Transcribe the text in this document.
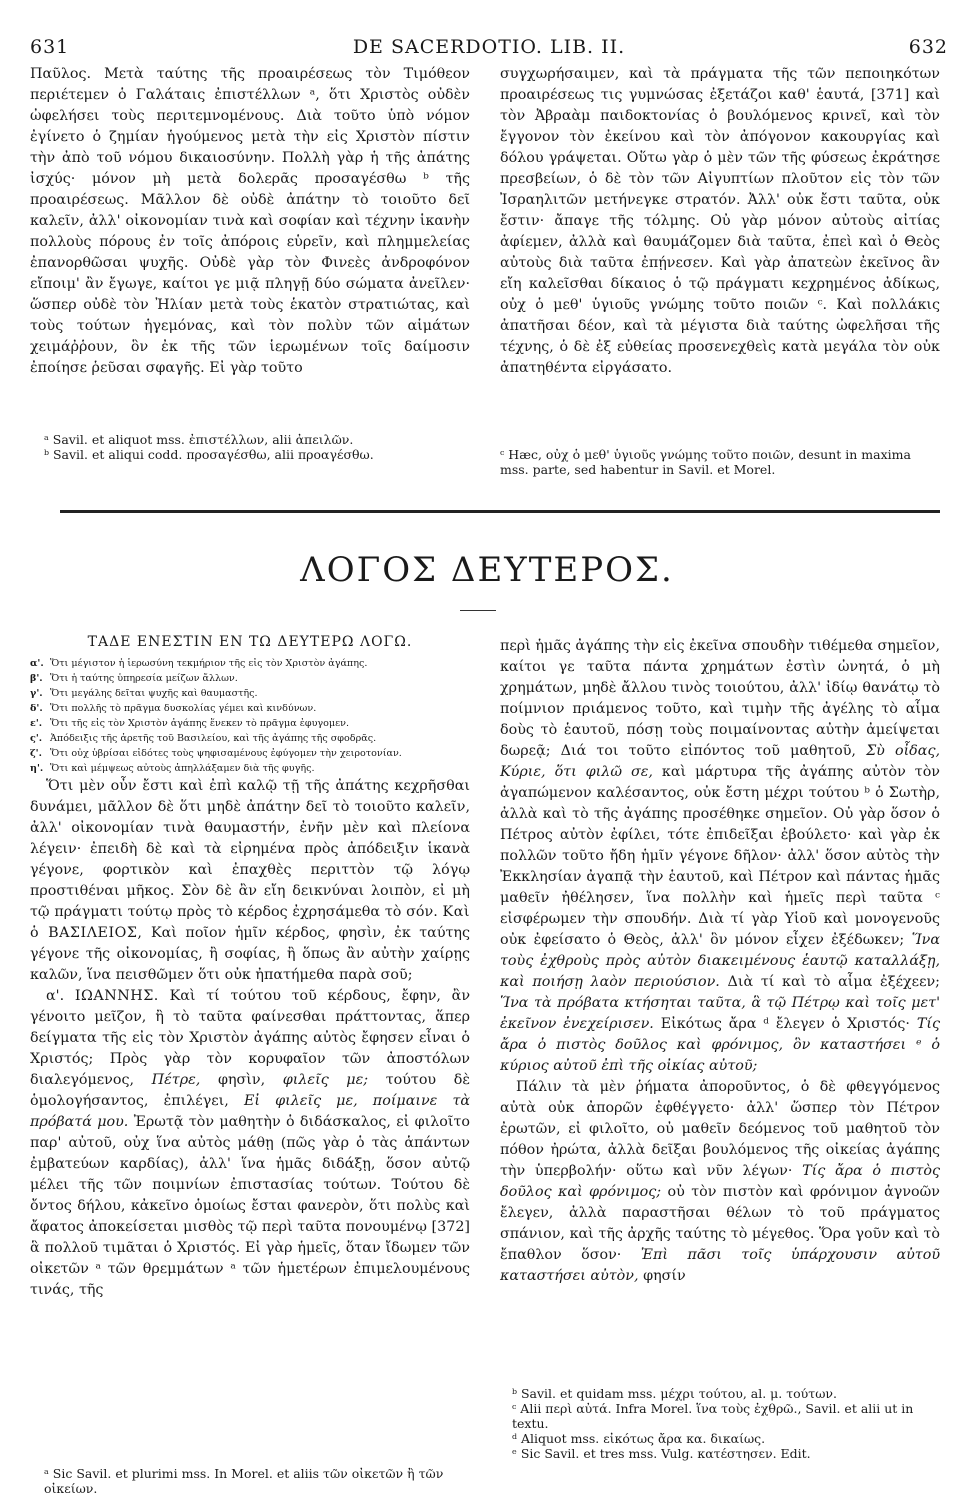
631	DE SACERDOTIO. LIB. II.	632

Παῦλος. Μετὰ ταύτης τῆς προαιρέσεως τὸν Τιμόθεον περιέτεμεν ὁ Γαλάταις ἐπιστέλλων ᵃ, ὅτι Χριστὸς οὐδὲν ὠφελήσει τοὺς περιτεμνομένους. Διὰ τοῦτο ὑπὸ νόμον ἐγίνετο ὁ ζημίαν ἡγούμενος μετὰ τὴν εἰς Χριστὸν πίστιν τὴν ἀπὸ τοῦ νόμου δικαιοσύνην. Πολλὴ γὰρ ἡ τῆς ἀπάτης ἰσχύς· μόνον μὴ μετὰ δολερᾶς προσαγέσθω ᵇ τῆς προαιρέσεως. Μᾶλλον δὲ οὐδὲ ἀπάτην τὸ τοιοῦτο δεῖ καλεῖν, ἀλλ' οἰκονομίαν τινὰ καὶ σοφίαν καὶ τέχνην ἱκανὴν πολλοὺς πόρους ἐν τοῖς ἀπόροις εὑρεῖν, καὶ πλημμελείας ἐπανορθῶσαι ψυχῆς. Οὐδὲ γὰρ τὸν Φινεὲς ἀνδροφόνον εἴποιμ' ἂν ἔγωγε, καίτοι γε μιᾷ πληγῇ δύο σώματα ἀνεῖλεν· ὥσπερ οὐδὲ τὸν Ἠλίαν μετὰ τοὺς ἑκατὸν στρατιώτας, καὶ τοὺς τούτων ἡγεμόνας, καὶ τὸν πολὺν τῶν αἱμάτων χειμάῤῥουν, ὃν ἐκ τῆς τῶν ἱερωμένων τοῖς δαίμοσιν ἐποίησε ῥεῦσαι σφαγῆς. Εἰ γὰρ τοῦτο

συγχωρήσαιμεν, καὶ τὰ πράγματα τῆς τῶν πεποιηκότων προαιρέσεως τις γυμνώσας ἐξετάζοι καθ' ἑαυτά, [371] καὶ τὸν Ἀβραὰμ παιδοκτονίας ὁ βουλόμενος κρινεῖ, καὶ τὸν ἔγγονον τὸν ἐκείνου καὶ τὸν ἀπόγονον κακουργίας καὶ δόλου γράψεται. Οὕτω γὰρ ὁ μὲν τῶν τῆς φύσεως ἐκράτησε πρεσβείων, ὁ δὲ τὸν τῶν Αἰγυπτίων πλοῦτον εἰς τὸν τῶν Ἰσραηλιτῶν μετήνεγκε στρατόν. Ἀλλ' οὐκ ἔστι ταῦτα, οὐκ ἔστιν· ἄπαγε τῆς τόλμης. Οὐ γὰρ μόνον αὐτοὺς αἰτίας ἀφίεμεν, ἀλλὰ καὶ θαυμάζομεν διὰ ταῦτα, ἐπεὶ καὶ ὁ Θεὸς αὐτοὺς διὰ ταῦτα ἐπῄνεσεν. Καὶ γὰρ ἀπατεὼν ἐκεῖνος ἂν εἴη καλεῖσθαι δίκαιος ὁ τῷ πράγματι κεχρημένος ἀδίκως, οὐχ ὁ μεθ' ὑγιοῦς γνώμης τοῦτο ποιῶν ᶜ. Καὶ πολλάκις ἀπατῆσαι δέον, καὶ τὰ μέγιστα διὰ ταύτης ὠφελῆσαι τῆς τέχνης, ὁ δὲ ἐξ εὐθείας προσενεχθεὶς κατὰ μεγάλα τὸν οὐκ ἀπατηθέντα εἰργάσατο.

ᵃ Savil. et aliquot mss. ἐπιστέλλων, alii ἀπειλῶν.

ᵇ Savil. et aliqui codd. προσαγέσθω, alii προαγέσθω.	ᶜ Hæc, οὐχ ὁ μεθ' ὑγιοῦς γνώμης τοῦτο ποιῶν, desunt in maxima mss. parte, sed habentur in Savil. et Morel.

ΛΟΓΟΣ ΔΕΥΤΕΡΟΣ.
ΤΑΔΕ ΕΝΕΣΤΙΝ ΕΝ ΤΩ ΔΕΥΤΕΡΩ ΛΟΓΩ.

α'. Ὅτι μέγιστον ἡ ἱερωσύνη τεκμήριον τῆς εἰς τὸν Χριστὸν ἀγάπης.

β'. Ὅτι ἡ ταύτης ὑπηρεσία μείζων ἄλλων.

γ'. Ὅτι μεγάλης δεῖται ψυχῆς καὶ θαυμαστῆς.

δ'. Ὅτι πολλῆς τὸ πρᾶγμα δυσκολίας γέμει καὶ κινδύνων.

ε'. Ὅτι τῆς εἰς τὸν Χριστὸν ἀγάπης ἕνεκεν τὸ πρᾶγμα ἐφυγομεν.

ς'. Ἀπόδειξις τῆς ἀρετῆς τοῦ Βασιλείου, καὶ τῆς ἀγάπης τῆς σφοδρᾶς.

ζ'. Ὅτι οὐχ ὑβρίσαι εἰδότες τοὺς ψηφισαμένους ἐφύγομεν τὴν χειροτονίαν.

η'. Ὅτι καὶ μέμψεως αὐτοὺς ἀπηλλάξαμεν διὰ τῆς φυγῆς.

Ὅτι μὲν οὖν ἔστι καὶ ἐπὶ καλῷ τῇ τῆς ἀπάτης κεχρῆσθαι δυνάμει, μᾶλλον δὲ ὅτι μηδὲ ἀπάτην δεῖ τὸ τοιοῦτο καλεῖν, ἀλλ' οἰκονομίαν τινὰ θαυμαστήν, ἐνῆν μὲν καὶ πλείονα λέγειν· ἐπειδὴ δὲ καὶ τὰ εἰρημένα πρὸς ἀπόδειξιν ἱκανὰ γέγονε, φορτικὸν καὶ ἐπαχθὲς περιττὸν τῷ λόγῳ προστιθέναι μῆκος. Σὸν δὲ ἂν εἴη δεικνύναι λοιπὸν, εἰ μὴ τῷ πράγματι τούτῳ πρὸς τὸ κέρδος ἐχρησάμεθα τὸ σόν. Καὶ ὁ ΒΑΣΙΛΕΙΟΣ, Καὶ ποῖον ἡμῖν κέρδος, φησὶν, ἐκ ταύτης γέγονε τῆς οἰκονομίας, ἢ σοφίας, ἢ ὅπως ἂν αὐτὴν χαίρῃς καλῶν, ἵνα πεισθῶμεν ὅτι οὐκ ἠπατήμεθα παρὰ σοῦ;

α'. ΙΩΑΝΝΗΣ. Καὶ τί τούτου τοῦ κέρδους, ἔφην, ἂν γένοιτο μεῖζον, ἢ τὸ ταῦτα φαίνεσθαι πράττοντας, ἅπερ δείγματα τῆς εἰς τὸν Χριστὸν ἀγάπης αὐτὸς ἔφησεν εἶναι ὁ Χριστός; Πρὸς γὰρ τὸν κορυφαῖον τῶν ἀποστόλων διαλεγόμενος, Πέτρε, φησὶν, φιλεῖς με; τούτου δὲ ὁμολογήσαντος, ἐπιλέγει, Εἰ φιλεῖς με, ποίμαινε τὰ πρόβατά μου. Ἐρωτᾷ τὸν μαθητὴν ὁ διδάσκαλος, εἰ φιλοῖτο παρ' αὐτοῦ, οὐχ ἵνα αὐτὸς μάθῃ (πῶς γὰρ ὁ τὰς ἁπάντων ἐμβατεύων καρδίας), ἀλλ' ἵνα ἡμᾶς διδάξῃ, ὅσον αὐτῷ μέλει τῆς τῶν ποιμνίων ἐπιστασίας τούτων. Τούτου δὲ ὄντος δήλου, κἀκεῖνο ὁμοίως ἔσται φανερὸν, ὅτι πολὺς καὶ ἄφατος ἀποκείσεται μισθὸς τῷ περὶ ταῦτα πονουμένῳ [372] ἃ πολλοῦ τιμᾶται ὁ Χριστός. Εἰ γὰρ ἡμεῖς, ὅταν ἴδωμεν τῶν οἰκετῶν ᵃ τῶν θρεμμάτων ᵃ τῶν ἡμετέρων ἐπιμελουμένους τινάς, τῆς

περὶ ἡμᾶς ἀγάπης τὴν εἰς ἐκεῖνα σπουδὴν τιθέμεθα σημεῖον, καίτοι γε ταῦτα πάντα χρημάτων ἐστὶν ὠνητά, ὁ μὴ χρημάτων, μηδὲ ἄλλου τινὸς τοιούτου, ἀλλ' ἰδίῳ θανάτῳ τὸ ποίμνιον πριάμενος τοῦτο, καὶ τιμὴν τῆς ἀγέλης τὸ αἷμα δοὺς τὸ ἑαυτοῦ, πόσῃ τοὺς ποιμαίνοντας αὐτὴν ἀμείψεται δωρεᾷ; Διά τοι τοῦτο εἰπόντος τοῦ μαθητοῦ, Σὺ οἶδας, Κύριε, ὅτι φιλῶ σε, καὶ μάρτυρα τῆς ἀγάπης αὐτὸν τὸν ἀγαπώμενον καλέσαντος, οὐκ ἔστη μέχρι τούτου ᵇ ὁ Σωτὴρ, ἀλλὰ καὶ τὸ τῆς ἀγάπης προσέθηκε σημεῖον. Οὐ γὰρ ὅσον ὁ Πέτρος αὐτὸν ἐφίλει, τότε ἐπιδεῖξαι ἐβούλετο· καὶ γὰρ ἐκ πολλῶν τοῦτο ἤδη ἡμῖν γέγονε δῆλον· ἀλλ' ὅσον αὐτὸς τὴν Ἐκκλησίαν ἀγαπᾷ τὴν ἑαυτοῦ, καὶ Πέτρον καὶ πάντας ἡμᾶς μαθεῖν ἠθέλησεν, ἵνα πολλὴν καὶ ἡμεῖς περὶ ταῦτα ᶜ εἰσφέρωμεν τὴν σπουδήν. Διὰ τί γὰρ Υἱοῦ καὶ μονογενοῦς οὐκ ἐφείσατο ὁ Θεὸς, ἀλλ' ὃν μόνον εἶχεν ἐξέδωκεν; Ἵνα τοὺς ἐχθροὺς πρὸς αὐτὸν διακειμένους ἑαυτῷ καταλλάξῃ, καὶ ποιήσῃ λαὸν περιούσιον. Διὰ τί καὶ τὸ αἷμα ἐξέχεεν; Ἵνα τὰ πρόβατα κτήσηται ταῦτα, ἃ τῷ Πέτρῳ καὶ τοῖς μετ' ἐκεῖνον ἐνεχείρισεν. Εἰκότως ἄρα ᵈ ἔλεγεν ὁ Χριστός· Τίς ἄρα ὁ πιστὸς δοῦλος καὶ φρόνιμος, ὃν καταστήσει ᵉ ὁ κύριος αὐτοῦ ἐπὶ τῆς οἰκίας αὐτοῦ;

Πάλιν τὰ μὲν ῥήματα ἀποροῦντος, ὁ δὲ φθεγγόμενος αὐτὰ οὐκ ἀπορῶν ἐφθέγγετο· ἀλλ' ὥσπερ τὸν Πέτρον ἐρωτῶν, εἰ φιλοῖτο, οὐ μαθεῖν δεόμενος τοῦ μαθητοῦ τὸν πόθον ἠρώτα, ἀλλὰ δεῖξαι βουλόμενος τῆς οἰκείας ἀγάπης τὴν ὑπερβολήν· οὕτω καὶ νῦν λέγων· Τίς ἄρα ὁ πιστὸς δοῦλος καὶ φρόνιμος; οὐ τὸν πιστὸν καὶ φρόνιμον ἀγνοῶν ἔλεγεν, ἀλλὰ παραστῆσαι θέλων τὸ τοῦ πράγματος σπάνιον, καὶ τῆς ἀρχῆς ταύτης τὸ μέγεθος. Ὅρα γοῦν καὶ τὸ ἔπαθλον ὅσον· Ἐπὶ πᾶσι τοῖς ὑπάρχουσιν αὐτοῦ καταστήσει αὐτὸν, φησίν

ᵃ Sic Savil. et plurimi mss. In Morel. et aliis τῶν οἰκετῶν ἢ τῶν οἰκείων.

ᵇ Savil. et quidam mss. μέχρι τούτου, al. μ. τούτων.

ᶜ Alii περὶ αὐτά. Infra Morel. ἵνα τοὺς ἐχθρῶ., Savil. et alii ut in textu.

ᵈ Aliquot mss. εἰκότως ἄρα κα. δικαίως.

ᵉ Sic Savil. et tres mss. Vulg. κατέστησεν. Edit.
